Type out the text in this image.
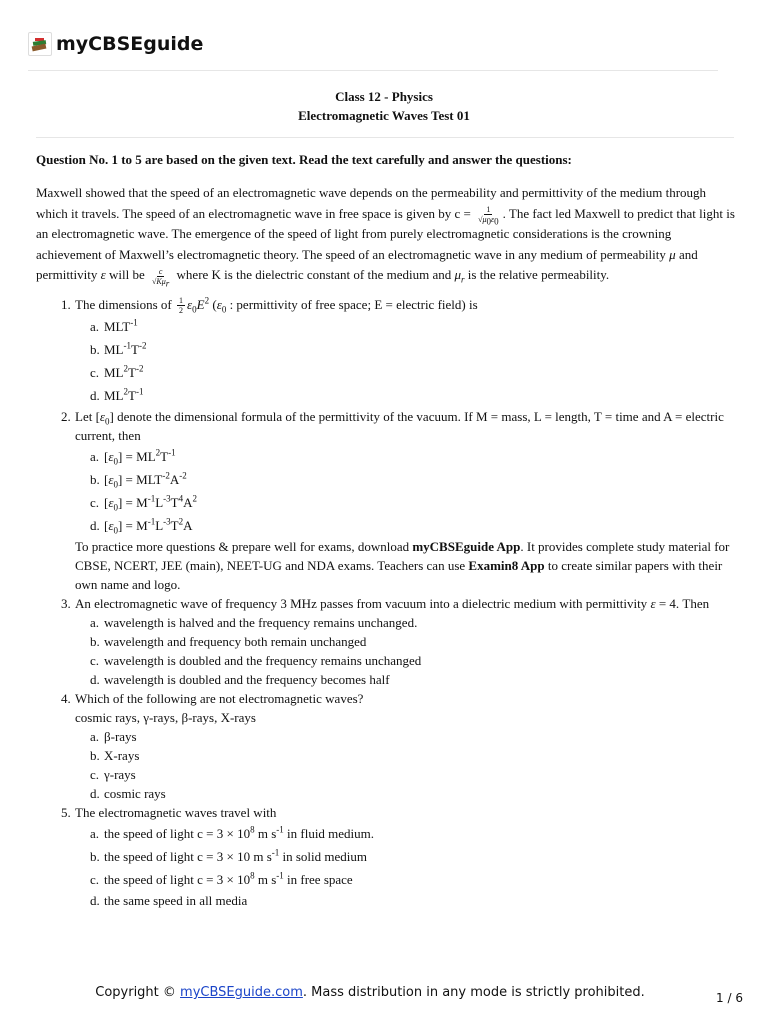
myCBSEguide
Class 12 - Physics
Electromagnetic Waves Test 01
Question No. 1 to 5 are based on the given text. Read the text carefully and answer the questions:
Maxwell showed that the speed of an electromagnetic wave depends on the permeability and permittivity of the medium through which it travels. The speed of an electromagnetic wave in free space is given by $c = \frac{1}{√\mu_0\varepsilon_0}$ . The fact led Maxwell to predict that light is an electromagnetic wave. The emergence of the speed of light from purely electromagnetic considerations is the crowning achievement of Maxwell’s electromagnetic theory. The speed of an electromagnetic wave in any medium of permeability μ and permittivity ε will be $\frac{c}{√K\mu_r}$ where K is the dielectric constant of the medium and $\mu_r$ is the relative permeability.
1. The dimensions of $\frac{1}{2} \varepsilon_0E^2$ ($\varepsilon_0$ : permittivity of free space; E = electric field) is
a. $MLT^{-1}$
b. $ML^{-1}T^{-2}$
c. $ML^2T^{-2}$
d. $ML^2T^{-1}$
2. Let $[\varepsilon_0]$ denote the dimensional formula of the permittivity of the vacuum. If M = mass, L = length, T = time and A = electric current, then
a. $[\varepsilon_0] = ML^2T^{-1}$
b. $[\varepsilon_0] = MLT^{-2}A^{-2}$
c. $[\varepsilon_0] = M^{-1}L^{-3}T^4A^2$
d. $[\varepsilon_0] = M^{-1}L^{-3}T^2A$
To practice more questions & prepare well for exams, download myCBSEguide App. It provides complete study material for CBSE, NCERT, JEE (main), NEET-UG and NDA exams. Teachers can use Examin8 App to create similar papers with their own name and logo.
3. An electromagnetic wave of frequency 3 MHz passes from vacuum into a dielectric medium with permittivity ε = 4. Then
a. wavelength is halved and the frequency remains unchanged.
b. wavelength and frequency both remain unchanged
c. wavelength is doubled and the frequency remains unchanged
d. wavelength is doubled and the frequency becomes half
4. Which of the following are not electromagnetic waves?
cosmic rays, γ-rays, β-rays, X-rays
a. β-rays
b. X-rays
c. γ-rays
d. cosmic rays
5. The electromagnetic waves travel with
a. the speed of light $c = 3 \times 10^8$ m $s^{-1}$ in fluid medium.
b. the speed of light c = 3 × 10 m $s^{-1}$ in solid medium
c. the speed of light $c = 3 \times 10^8$ m $s^{-1}$ in free space
d. the same speed in all media
Copyright © myCBSEguide.com. Mass distribution in any mode is strictly prohibited.	1 / 6
